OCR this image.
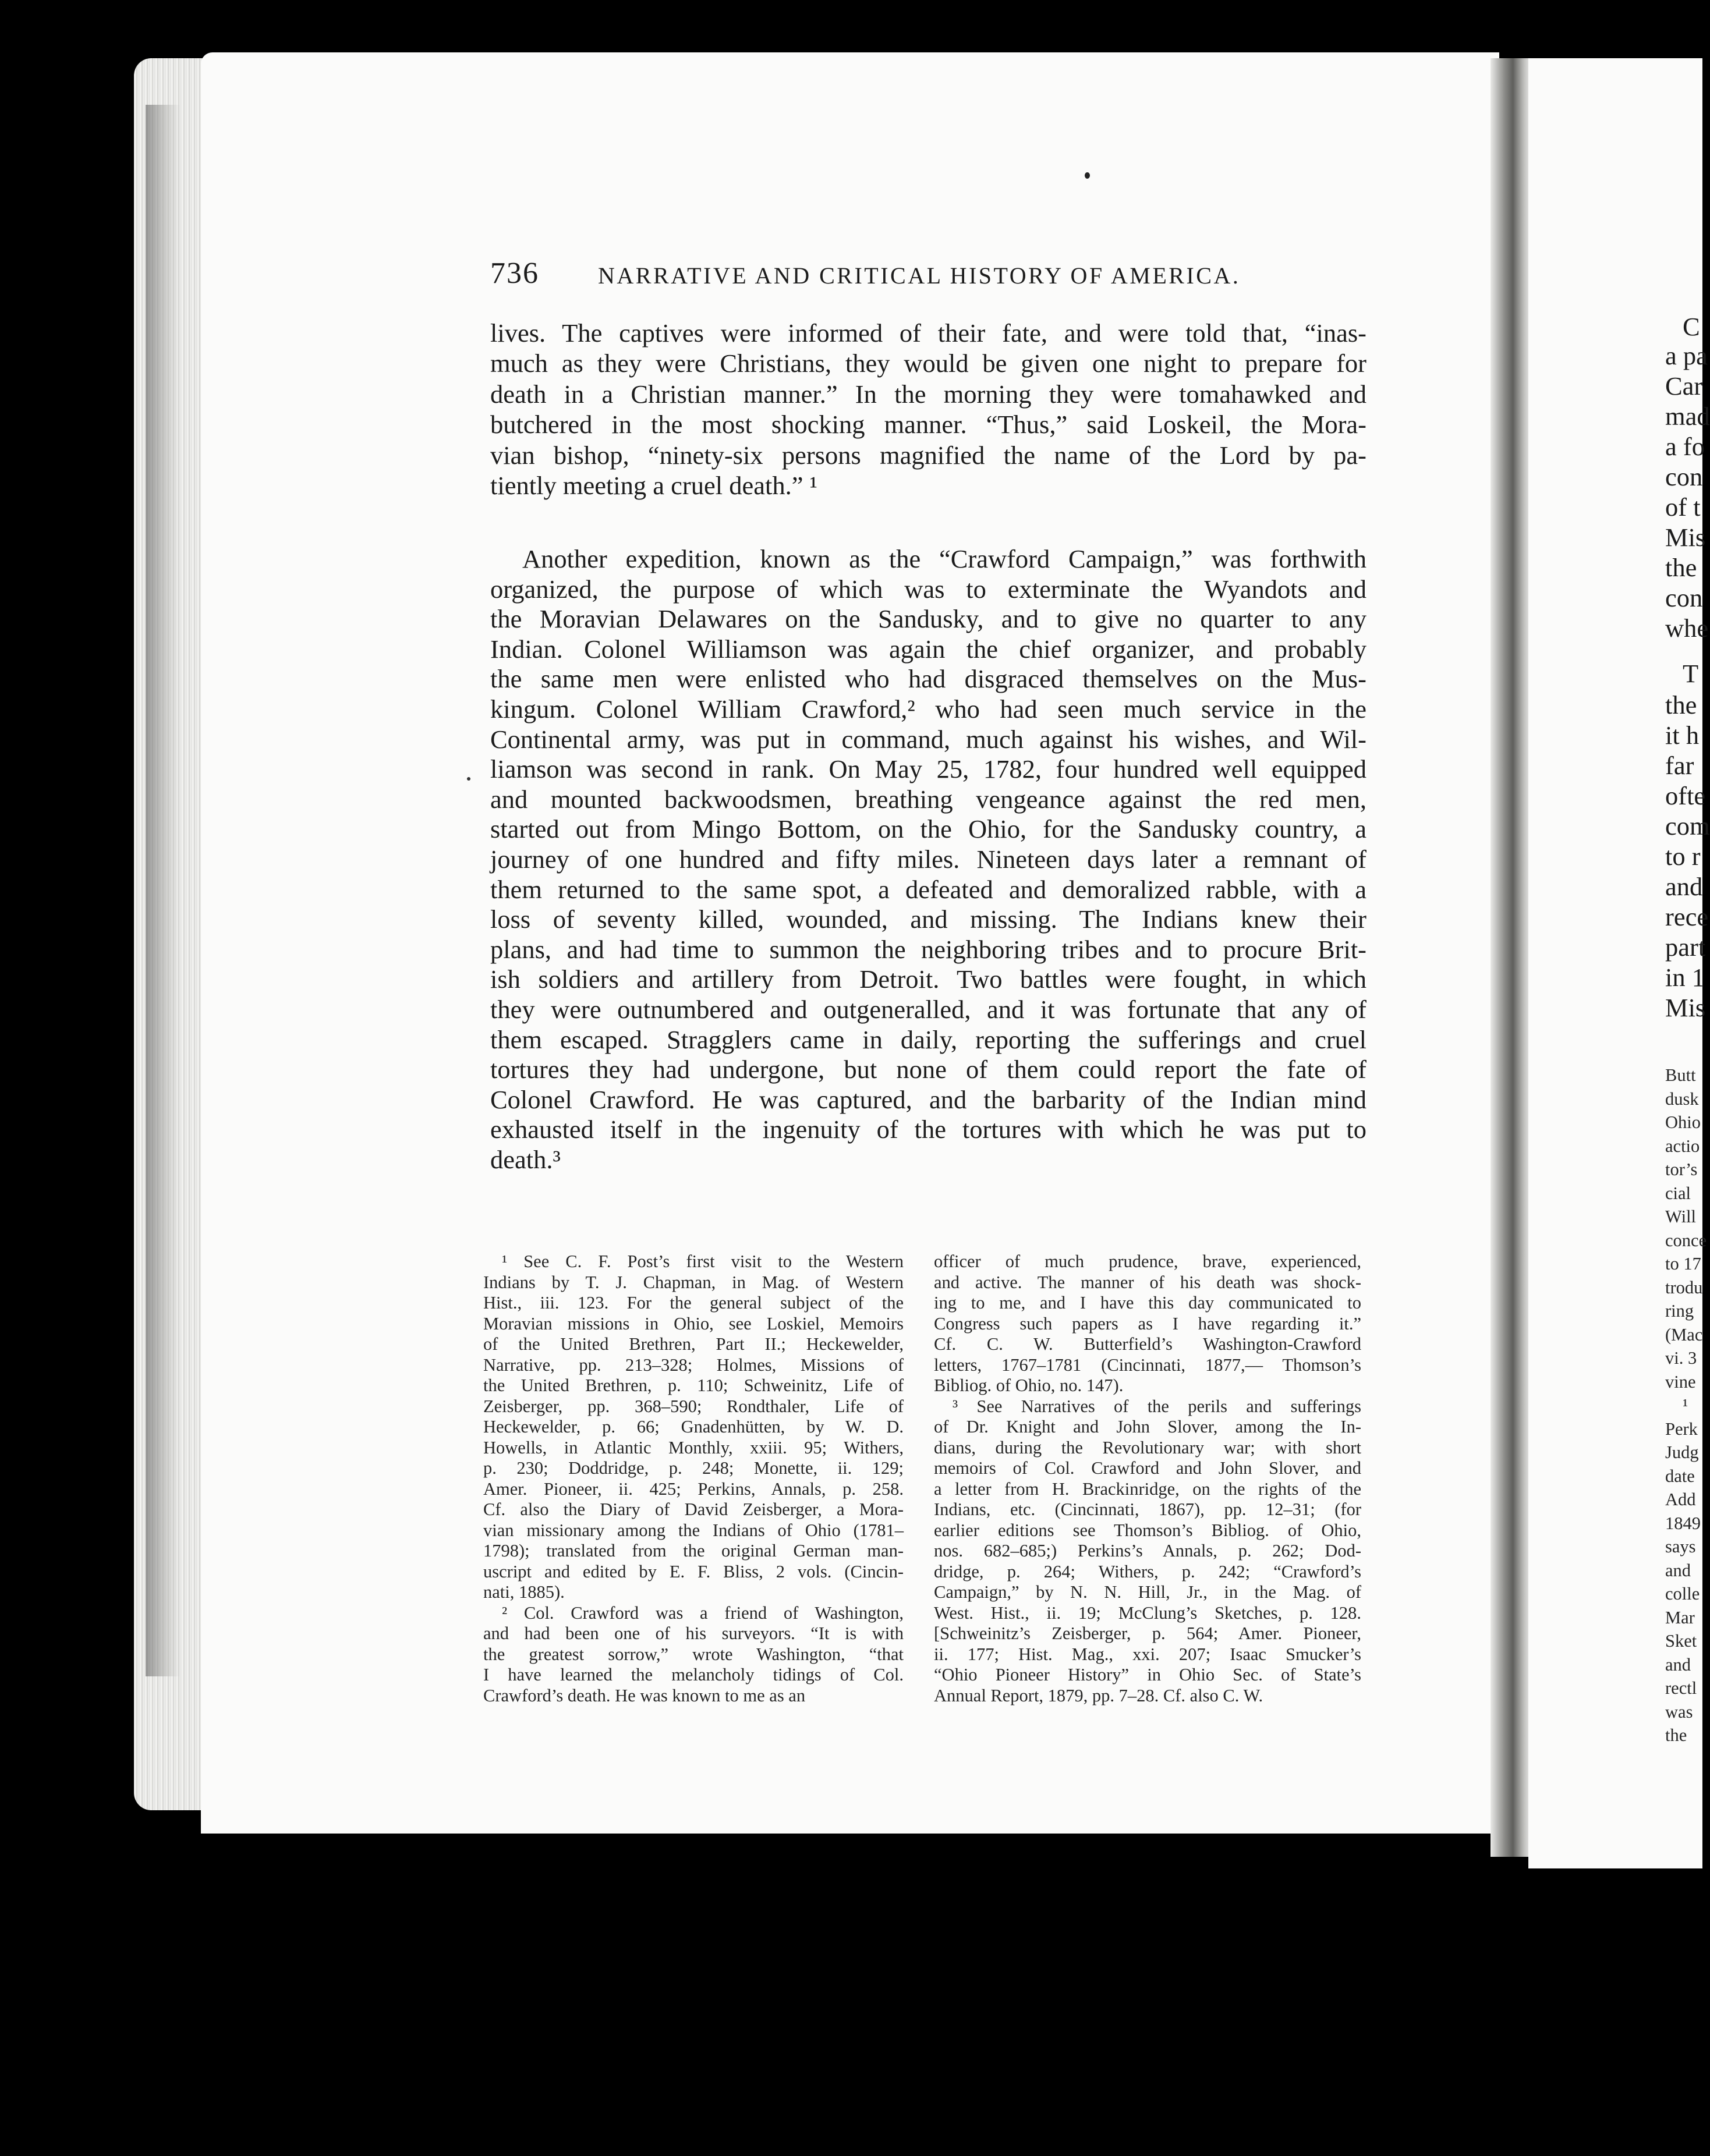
736	NARRATIVE AND CRITICAL HISTORY OF AMERICA.
lives. The captives were informed of their fate, and were told that, “inas-
much as they were Christians, they would be given one night to prepare for
death in a Christian manner.” In the morning they were tomahawked and
butchered in the most shocking manner. “Thus,” said Loskeil, the Mora-
vian bishop, “ninety-six persons magnified the name of the Lord by pa-
tiently meeting a cruel death.” ¹
Another expedition, known as the “Crawford Campaign,” was forthwith
organized, the purpose of which was to exterminate the Wyandots and
the Moravian Delawares on the Sandusky, and to give no quarter to any
Indian. Colonel Williamson was again the chief organizer, and probably
the same men were enlisted who had disgraced themselves on the Mus-
kingum. Colonel William Crawford,² who had seen much service in the
Continental army, was put in command, much against his wishes, and Wil-
liamson was second in rank. On May 25, 1782, four hundred well equipped
and mounted backwoodsmen, breathing vengeance against the red men,
started out from Mingo Bottom, on the Ohio, for the Sandusky country, a
journey of one hundred and fifty miles. Nineteen days later a remnant of
them returned to the same spot, a defeated and demoralized rabble, with a
loss of seventy killed, wounded, and missing. The Indians knew their
plans, and had time to summon the neighboring tribes and to procure Brit-
ish soldiers and artillery from Detroit. Two battles were fought, in which
they were outnumbered and outgeneralled, and it was fortunate that any of
them escaped. Stragglers came in daily, reporting the sufferings and cruel
tortures they had undergone, but none of them could report the fate of
Colonel Crawford. He was captured, and the barbarity of the Indian mind
exhausted itself in the ingenuity of the tortures with which he was put to
death.³
¹ See C. F. Post’s first visit to the Western
Indians by T. J. Chapman, in Mag. of Western
Hist., iii. 123. For the general subject of the
Moravian missions in Ohio, see Loskiel, Memoirs
of the United Brethren, Part II.; Heckewelder,
Narrative, pp. 213–328; Holmes, Missions of
the United Brethren, p. 110; Schweinitz, Life of
Zeisberger, pp. 368–590; Rondthaler, Life of
Heckewelder, p. 66; Gnadenhütten, by W. D.
Howells, in Atlantic Monthly, xxiii. 95; Withers,
p. 230; Doddridge, p. 248; Monette, ii. 129;
Amer. Pioneer, ii. 425; Perkins, Annals, p. 258.
Cf. also the Diary of David Zeisberger, a Mora-
vian missionary among the Indians of Ohio (1781–
1798); translated from the original German man-
uscript and edited by E. F. Bliss, 2 vols. (Cincin-
nati, 1885).
² Col. Crawford was a friend of Washington,
and had been one of his surveyors. “It is with
the greatest sorrow,” wrote Washington, “that
I have learned the melancholy tidings of Col.
Crawford’s death. He was known to me as an
officer of much prudence, brave, experienced,
and active. The manner of his death was shock-
ing to me, and I have this day communicated to
Congress such papers as I have regarding it.”
Cf. C. W. Butterfield’s Washington-Crawford
letters, 1767–1781 (Cincinnati, 1877,— Thomson’s
Bibliog. of Ohio, no. 147).
³ See Narratives of the perils and sufferings
of Dr. Knight and John Slover, among the In-
dians, during the Revolutionary war; with short
memoirs of Col. Crawford and John Slover, and
a letter from H. Brackinridge, on the rights of the
Indians, etc. (Cincinnati, 1867), pp. 12–31; (for
earlier editions see Thomson’s Bibliog. of Ohio,
nos. 682–685;) Perkins’s Annals, p. 262; Dod-
dridge, p. 264; Withers, p. 242; “Crawford’s
Campaign,” by N. N. Hill, Jr., in the Mag. of
West. Hist., ii. 19; McClung’s Sketches, p. 128.
[Schweinitz’s Zeisberger, p. 564; Amer. Pioneer,
ii. 177; Hist. Mag., xxi. 207; Isaac Smucker’s
“Ohio Pioneer History” in Ohio Sec. of State’s
Annual Report, 1879, pp. 7–28. Cf. also C. W.
C
a pa
Car
mad
a fo
con
of t
Mis
the
con
whe
T
the
it h
far
ofte
com
to r
and
rece
part
in 1
Mis
Butt
dusk
Ohio
actio
tor’s
cial
Will
conce
to 17
trodu
ring
(Mac
vi. 3
vine
¹
Perk
Judg
date
Add
1849
says
and
colle
Mar
Sket
and
rectl
was
the
